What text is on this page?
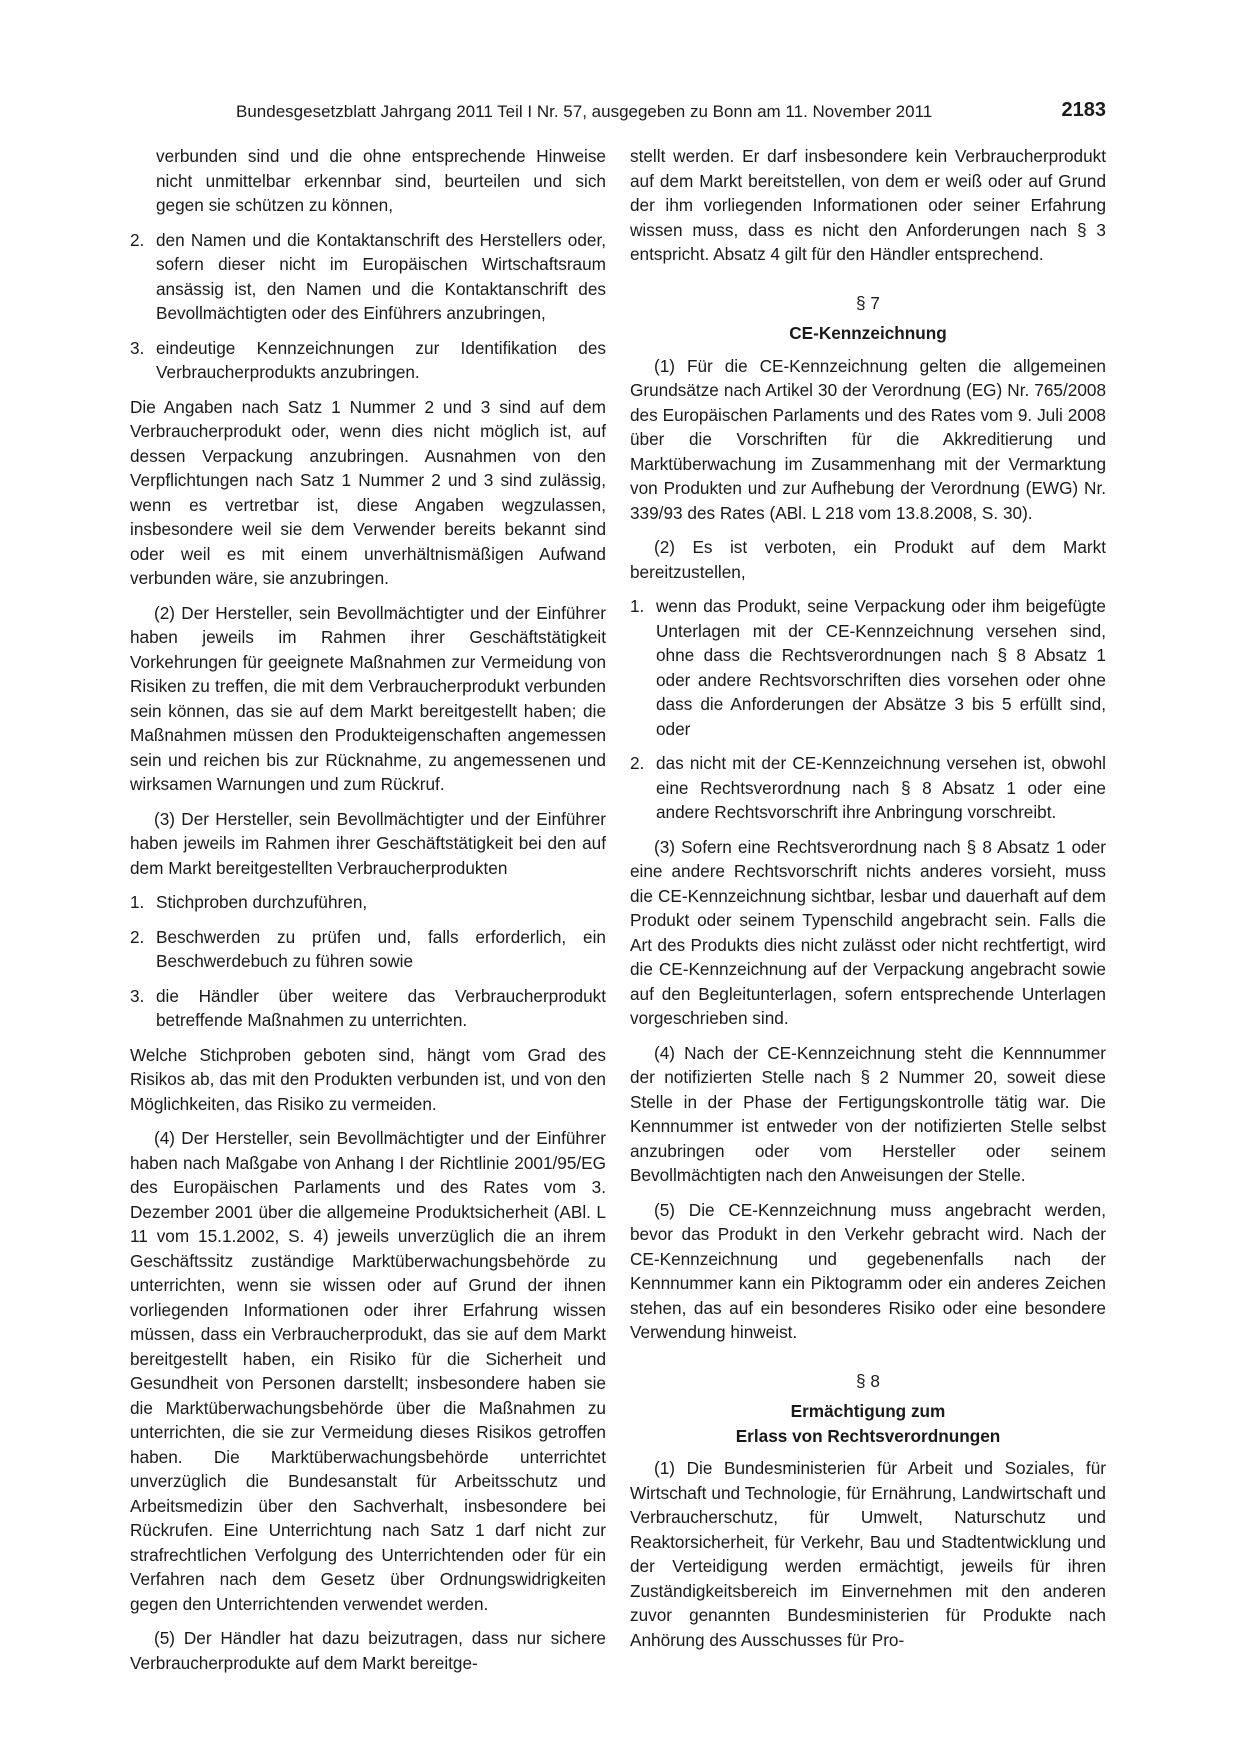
Bundesgesetzblatt Jahrgang 2011 Teil I Nr. 57, ausgegeben zu Bonn am 11. November 2011	2183

verbunden sind und die ohne entsprechende Hinweise nicht unmittelbar erkennbar sind, beurteilen und sich gegen sie schützen zu können,

2. den Namen und die Kontaktanschrift des Herstellers oder, sofern dieser nicht im Europäischen Wirtschaftsraum ansässig ist, den Namen und die Kontaktanschrift des Bevollmächtigten oder des Einführers anzubringen,
3. eindeutige Kennzeichnungen zur Identifikation des Verbraucherprodukts anzubringen.

Die Angaben nach Satz 1 Nummer 2 und 3 sind auf dem Verbraucherprodukt oder, wenn dies nicht möglich ist, auf dessen Verpackung anzubringen. Ausnahmen von den Verpflichtungen nach Satz 1 Nummer 2 und 3 sind zulässig, wenn es vertretbar ist, diese Angaben wegzulassen, insbesondere weil sie dem Verwender bereits bekannt sind oder weil es mit einem unverhältnismäßigen Aufwand verbunden wäre, sie anzubringen.

(2) Der Hersteller, sein Bevollmächtigter und der Einführer haben jeweils im Rahmen ihrer Geschäftstätigkeit Vorkehrungen für geeignete Maßnahmen zur Vermeidung von Risiken zu treffen, die mit dem Verbraucherprodukt verbunden sein können, das sie auf dem Markt bereitgestellt haben; die Maßnahmen müssen den Produkteigenschaften angemessen sein und reichen bis zur Rücknahme, zu angemessenen und wirksamen Warnungen und zum Rückruf.

(3) Der Hersteller, sein Bevollmächtigter und der Einführer haben jeweils im Rahmen ihrer Geschäftstätigkeit bei den auf dem Markt bereitgestellten Verbraucherprodukten

1. Stichproben durchzuführen,
2. Beschwerden zu prüfen und, falls erforderlich, ein Beschwerdebuch zu führen sowie
3. die Händler über weitere das Verbraucherprodukt betreffende Maßnahmen zu unterrichten.

Welche Stichproben geboten sind, hängt vom Grad des Risikos ab, das mit den Produkten verbunden ist, und von den Möglichkeiten, das Risiko zu vermeiden.

(4) Der Hersteller, sein Bevollmächtigter und der Einführer haben nach Maßgabe von Anhang I der Richtlinie 2001/95/EG des Europäischen Parlaments und des Rates vom 3. Dezember 2001 über die allgemeine Produktsicherheit (ABl. L 11 vom 15.1.2002, S. 4) jeweils unverzüglich die an ihrem Geschäftssitz zuständige Marktüberwachungsbehörde zu unterrichten, wenn sie wissen oder auf Grund der ihnen vorliegenden Informationen oder ihrer Erfahrung wissen müssen, dass ein Verbraucherprodukt, das sie auf dem Markt bereitgestellt haben, ein Risiko für die Sicherheit und Gesundheit von Personen darstellt; insbesondere haben sie die Marktüberwachungsbehörde über die Maßnahmen zu unterrichten, die sie zur Vermeidung dieses Risikos getroffen haben. Die Marktüberwachungsbehörde unterrichtet unverzüglich die Bundesanstalt für Arbeitsschutz und Arbeitsmedizin über den Sachverhalt, insbesondere bei Rückrufen. Eine Unterrichtung nach Satz 1 darf nicht zur strafrechtlichen Verfolgung des Unterrichtenden oder für ein Verfahren nach dem Gesetz über Ordnungswidrigkeiten gegen den Unterrichtenden verwendet werden.

(5) Der Händler hat dazu beizutragen, dass nur sichere Verbraucherprodukte auf dem Markt bereitge-

stellt werden. Er darf insbesondere kein Verbraucherprodukt auf dem Markt bereitstellen, von dem er weiß oder auf Grund der ihm vorliegenden Informationen oder seiner Erfahrung wissen muss, dass es nicht den Anforderungen nach § 3 entspricht. Absatz 4 gilt für den Händler entsprechend.

§ 7
CE-Kennzeichnung

(1) Für die CE-Kennzeichnung gelten die allgemeinen Grundsätze nach Artikel 30 der Verordnung (EG) Nr. 765/2008 des Europäischen Parlaments und des Rates vom 9. Juli 2008 über die Vorschriften für die Akkreditierung und Marktüberwachung im Zusammenhang mit der Vermarktung von Produkten und zur Aufhebung der Verordnung (EWG) Nr. 339/93 des Rates (ABl. L 218 vom 13.8.2008, S. 30).

(2) Es ist verboten, ein Produkt auf dem Markt bereitzustellen,

1. wenn das Produkt, seine Verpackung oder ihm beigefügte Unterlagen mit der CE-Kennzeichnung versehen sind, ohne dass die Rechtsverordnungen nach § 8 Absatz 1 oder andere Rechtsvorschriften dies vorsehen oder ohne dass die Anforderungen der Absätze 3 bis 5 erfüllt sind, oder
2. das nicht mit der CE-Kennzeichnung versehen ist, obwohl eine Rechtsverordnung nach § 8 Absatz 1 oder eine andere Rechtsvorschrift ihre Anbringung vorschreibt.

(3) Sofern eine Rechtsverordnung nach § 8 Absatz 1 oder eine andere Rechtsvorschrift nichts anderes vorsieht, muss die CE-Kennzeichnung sichtbar, lesbar und dauerhaft auf dem Produkt oder seinem Typenschild angebracht sein. Falls die Art des Produkts dies nicht zulässt oder nicht rechtfertigt, wird die CE-Kennzeichnung auf der Verpackung angebracht sowie auf den Begleitunterlagen, sofern entsprechende Unterlagen vorgeschrieben sind.

(4) Nach der CE-Kennzeichnung steht die Kennnummer der notifizierten Stelle nach § 2 Nummer 20, soweit diese Stelle in der Phase der Fertigungskontrolle tätig war. Die Kennnummer ist entweder von der notifizierten Stelle selbst anzubringen oder vom Hersteller oder seinem Bevollmächtigten nach den Anweisungen der Stelle.

(5) Die CE-Kennzeichnung muss angebracht werden, bevor das Produkt in den Verkehr gebracht wird. Nach der CE-Kennzeichnung und gegebenenfalls nach der Kennnummer kann ein Piktogramm oder ein anderes Zeichen stehen, das auf ein besonderes Risiko oder eine besondere Verwendung hinweist.

§ 8
Ermächtigung zum
Erlass von Rechtsverordnungen

(1) Die Bundesministerien für Arbeit und Soziales, für Wirtschaft und Technologie, für Ernährung, Landwirtschaft und Verbraucherschutz, für Umwelt, Naturschutz und Reaktorsicherheit, für Verkehr, Bau und Stadtentwicklung und der Verteidigung werden ermächtigt, jeweils für ihren Zuständigkeitsbereich im Einvernehmen mit den anderen zuvor genannten Bundesministerien für Produkte nach Anhörung des Ausschusses für Pro-
